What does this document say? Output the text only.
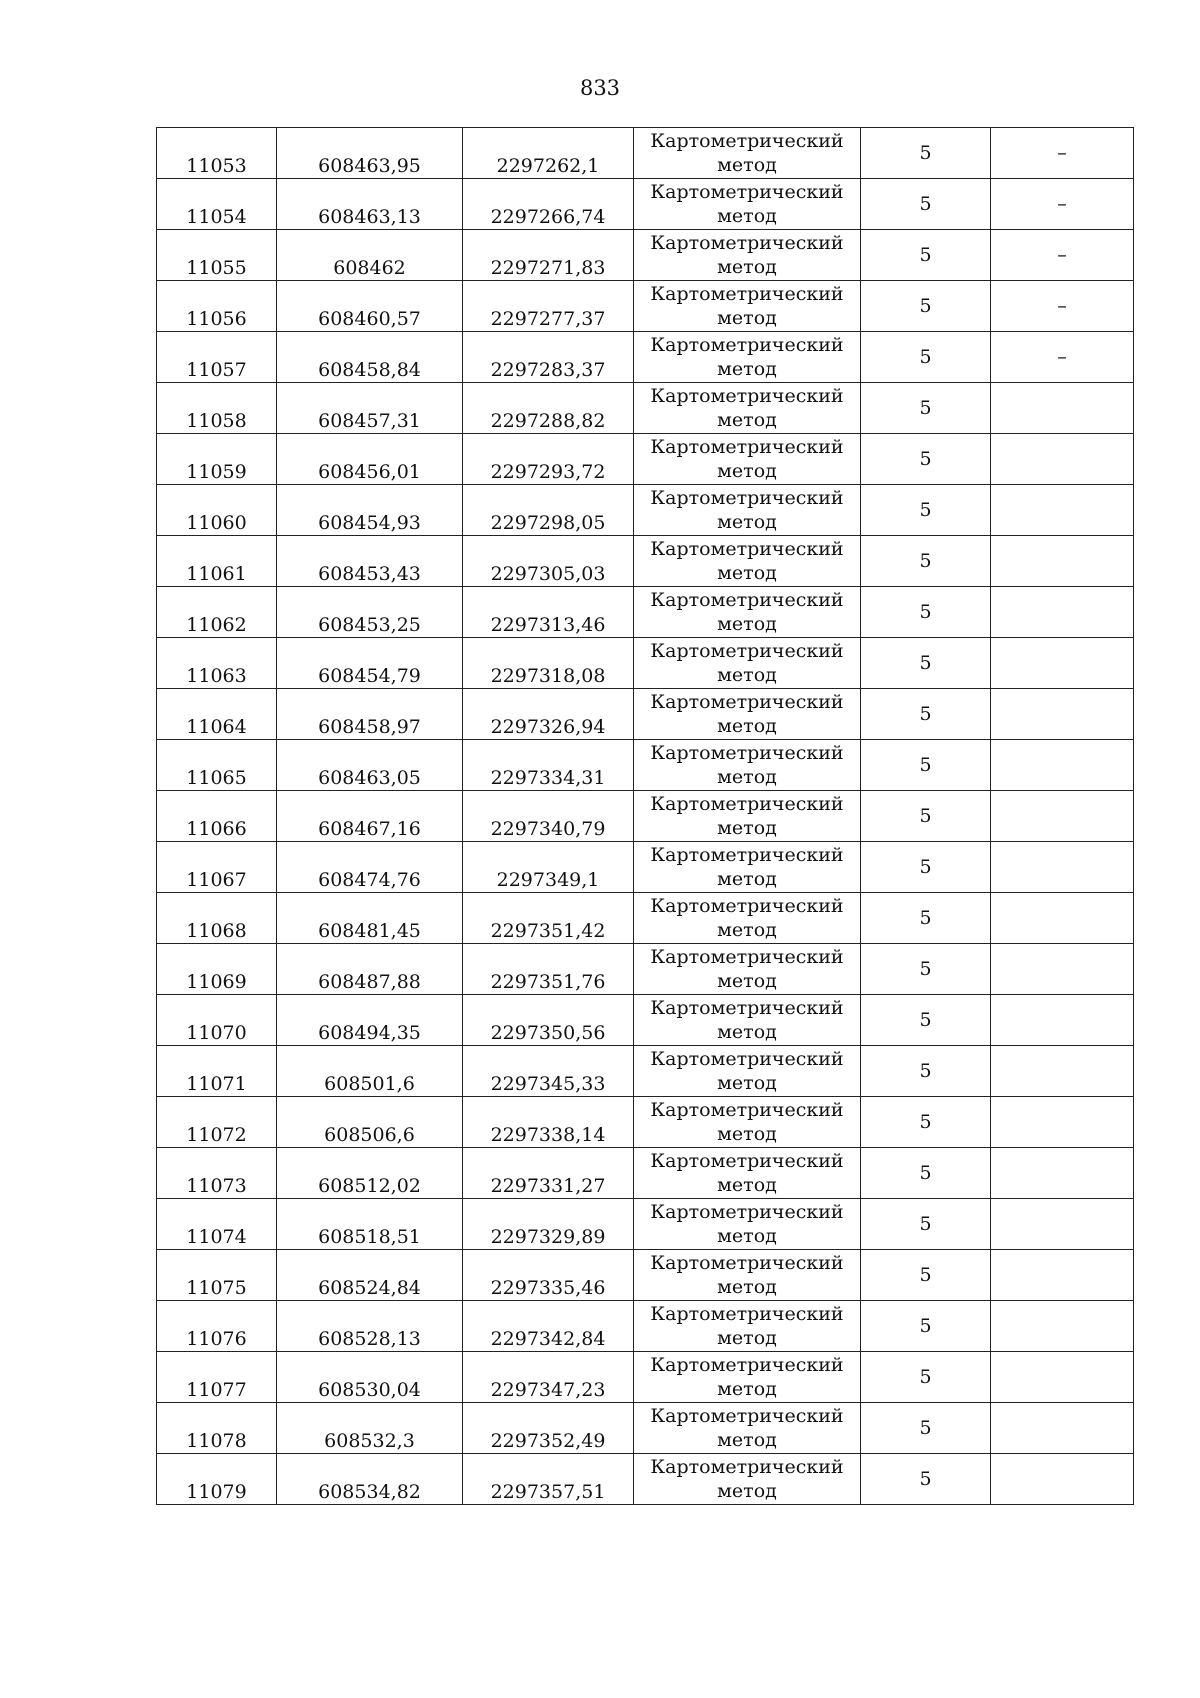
833
11053	608463,95	2297262,1	Картометрический
метод	5	–
11054	608463,13	2297266,74	Картометрический
метод	5	–
11055	608462	2297271,83	Картометрический
метод	5	–
11056	608460,57	2297277,37	Картометрический
метод	5	–
11057	608458,84	2297283,37	Картометрический
метод	5	–
11058	608457,31	2297288,82	Картометрический
метод	5	
11059	608456,01	2297293,72	Картометрический
метод	5	
11060	608454,93	2297298,05	Картометрический
метод	5	
11061	608453,43	2297305,03	Картометрический
метод	5	
11062	608453,25	2297313,46	Картометрический
метод	5	
11063	608454,79	2297318,08	Картометрический
метод	5	
11064	608458,97	2297326,94	Картометрический
метод	5	
11065	608463,05	2297334,31	Картометрический
метод	5	
11066	608467,16	2297340,79	Картометрический
метод	5	
11067	608474,76	2297349,1	Картометрический
метод	5	
11068	608481,45	2297351,42	Картометрический
метод	5	
11069	608487,88	2297351,76	Картометрический
метод	5	
11070	608494,35	2297350,56	Картометрический
метод	5	
11071	608501,6	2297345,33	Картометрический
метод	5	
11072	608506,6	2297338,14	Картометрический
метод	5	
11073	608512,02	2297331,27	Картометрический
метод	5	
11074	608518,51	2297329,89	Картометрический
метод	5	
11075	608524,84	2297335,46	Картометрический
метод	5	
11076	608528,13	2297342,84	Картометрический
метод	5	
11077	608530,04	2297347,23	Картометрический
метод	5	
11078	608532,3	2297352,49	Картометрический
метод	5	
11079	608534,82	2297357,51	Картометрический
метод	5	
